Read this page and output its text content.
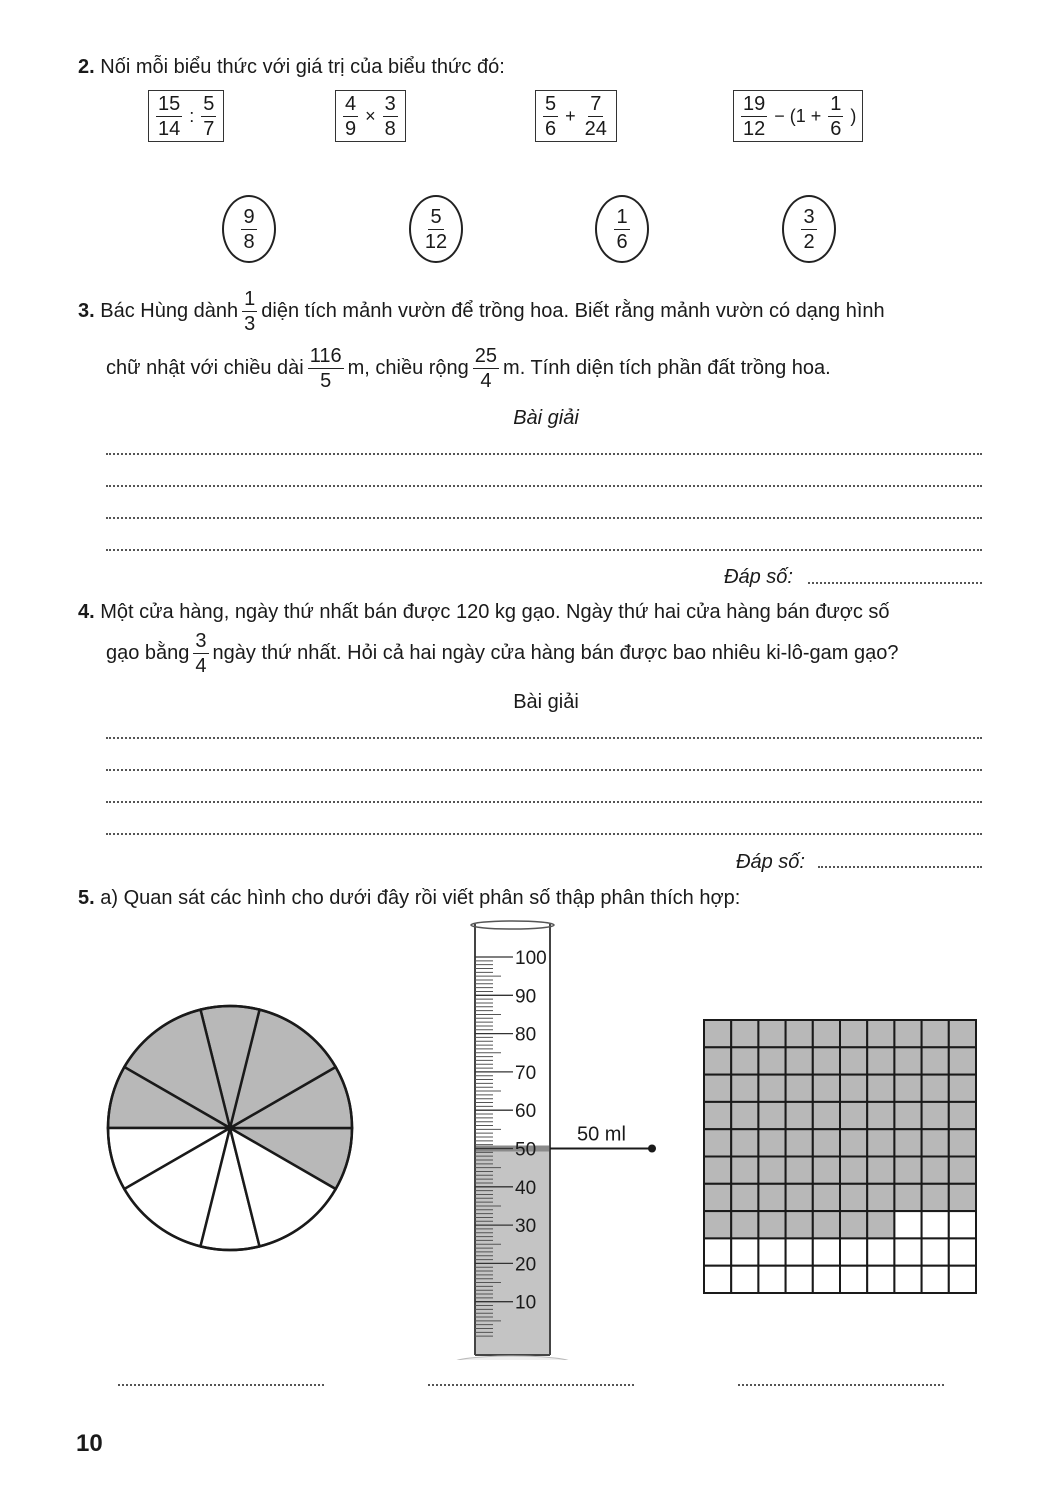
2. Nối mỗi biểu thức với giá trị của biểu thức đó:
$\frac{15}{14}$ : $\frac{5}{7}$	$\frac{4}{9} \times \frac{3}{8}$	$\frac{5}{6} + \frac{7}{24}$	$\frac{19}{12} - (1 + \frac{1}{6}$ )
$\frac{9}{8}$	$\frac{5}{12}$	$\frac{1}{6}$	$\frac{3}{2}$
3.
Bác Hùng dành $\frac{1}{3}$ diện tích mảnh vườn để trồng hoa. Biết rằng mảnh vườn có dạng hình
chữ nhật với chiều dài $\frac{116}{5} m$, chiều rộng $\frac{25}{4} m$. Tính diện tích phần đất trồng hoa.
Bài giải
Đáp số:
4. Một cửa hàng, ngày thứ nhất bán được 120 kg gạo. Ngày thứ hai cửa hàng bán được số
gạo bằng $\frac{3}{4}$ ngày thứ nhất. Hỏi cả hai ngày cửa hàng bán được bao nhiêu ki-lô-gam gạo?
Bài giải
Đáp số:
5. a) Quan sát các hình cho dưới đây rồi viết phân số thập phân thích hợp:
100
90
80
70
60
50
40
30
20
10
50 ml
10
